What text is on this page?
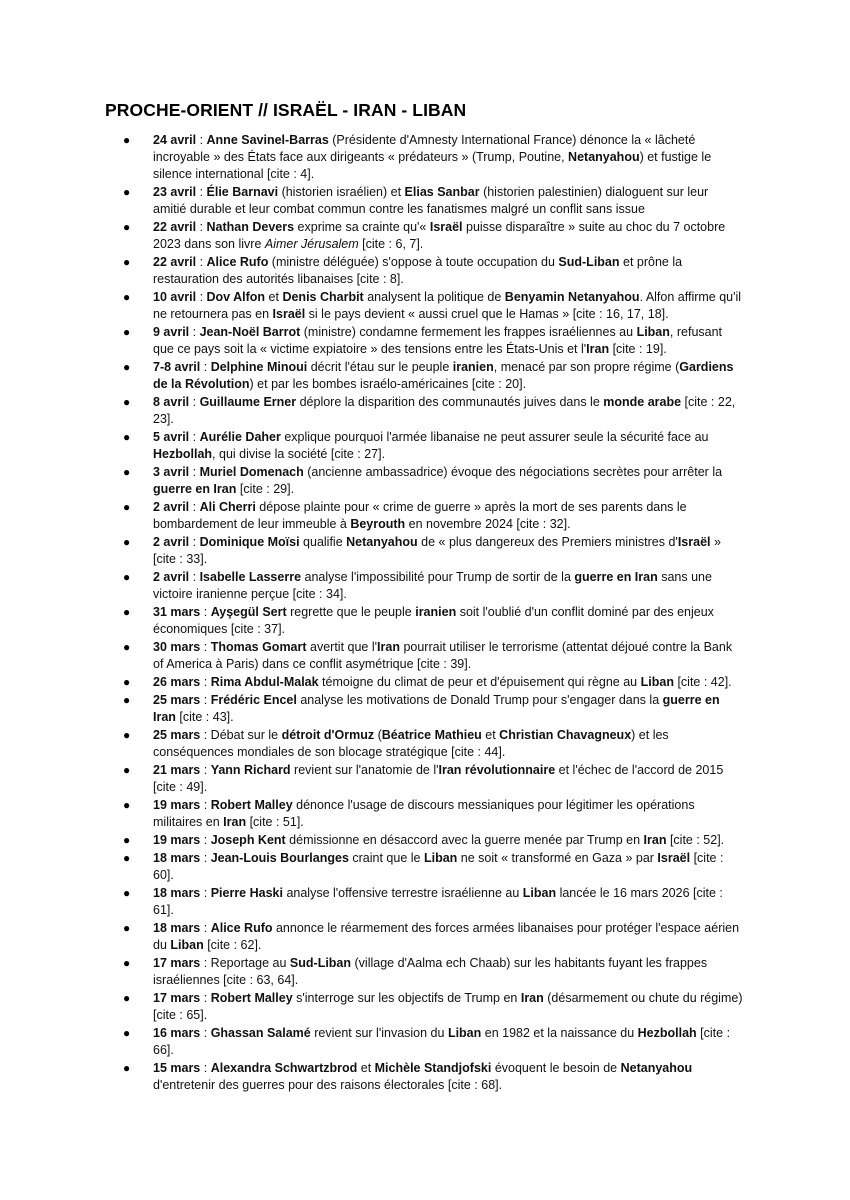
PROCHE-ORIENT // ISRAËL - IRAN - LIBAN
● 24 avril : Anne Savinel-Barras (Présidente d'Amnesty International France) dénonce la « lâcheté incroyable » des États face aux dirigeants « prédateurs » (Trump, Poutine, Netanyahou) et fustige le silence international [cite : 4].
● 23 avril : Élie Barnavi (historien israélien) et Elias Sanbar (historien palestinien) dialoguent sur leur amitié durable et leur combat commun contre les fanatismes malgré un conflit sans issue
● 22 avril : Nathan Devers exprime sa crainte qu'« Israël puisse disparaître » suite au choc du 7 octobre 2023 dans son livre Aimer Jérusalem [cite : 6, 7].
● 22 avril : Alice Rufo (ministre déléguée) s'oppose à toute occupation du Sud-Liban et prône la restauration des autorités libanaises [cite : 8].
● 10 avril : Dov Alfon et Denis Charbit analysent la politique de Benyamin Netanyahou. Alfon affirme qu'il ne retournera pas en Israël si le pays devient « aussi cruel que le Hamas » [cite : 16, 17, 18].
● 9 avril : Jean-Noël Barrot (ministre) condamne fermement les frappes israéliennes au Liban, refusant que ce pays soit la « victime expiatoire » des tensions entre les États-Unis et l'Iran [cite : 19].
● 7-8 avril : Delphine Minoui décrit l'étau sur le peuple iranien, menacé par son propre régime (Gardiens de la Révolution) et par les bombes israélo-américaines [cite : 20].
● 8 avril : Guillaume Erner déplore la disparition des communautés juives dans le monde arabe [cite : 22, 23].
● 5 avril : Aurélie Daher explique pourquoi l'armée libanaise ne peut assurer seule la sécurité face au Hezbollah, qui divise la société [cite : 27].
● 3 avril : Muriel Domenach (ancienne ambassadrice) évoque des négociations secrètes pour arrêter la guerre en Iran [cite : 29].
● 2 avril : Ali Cherri dépose plainte pour « crime de guerre » après la mort de ses parents dans le bombardement de leur immeuble à Beyrouth en novembre 2024 [cite : 32].
● 2 avril : Dominique Moïsi qualifie Netanyahou de « plus dangereux des Premiers ministres d'Israël » [cite : 33].
● 2 avril : Isabelle Lasserre analyse l'impossibilité pour Trump de sortir de la guerre en Iran sans une victoire iranienne perçue [cite : 34].
● 31 mars : Ayşegül Sert regrette que le peuple iranien soit l'oublié d'un conflit dominé par des enjeux économiques [cite : 37].
● 30 mars : Thomas Gomart avertit que l'Iran pourrait utiliser le terrorisme (attentat déjoué contre la Bank of America à Paris) dans ce conflit asymétrique [cite : 39].
● 26 mars : Rima Abdul-Malak témoigne du climat de peur et d'épuisement qui règne au Liban [cite : 42].
● 25 mars : Frédéric Encel analyse les motivations de Donald Trump pour s'engager dans la guerre en Iran [cite : 43].
● 25 mars : Débat sur le détroit d'Ormuz (Béatrice Mathieu et Christian Chavagneux) et les conséquences mondiales de son blocage stratégique [cite : 44].
● 21 mars : Yann Richard revient sur l'anatomie de l'Iran révolutionnaire et l'échec de l'accord de 2015 [cite : 49].
● 19 mars : Robert Malley dénonce l'usage de discours messianiques pour légitimer les opérations militaires en Iran [cite : 51].
● 19 mars : Joseph Kent démissionne en désaccord avec la guerre menée par Trump en Iran [cite : 52].
● 18 mars : Jean-Louis Bourlanges craint que le Liban ne soit « transformé en Gaza » par Israël [cite : 60].
● 18 mars : Pierre Haski analyse l'offensive terrestre israélienne au Liban lancée le 16 mars 2026 [cite : 61].
● 18 mars : Alice Rufo annonce le réarmement des forces armées libanaises pour protéger l'espace aérien du Liban [cite : 62].
● 17 mars : Reportage au Sud-Liban (village d'Aalma ech Chaab) sur les habitants fuyant les frappes israéliennes [cite : 63, 64].
● 17 mars : Robert Malley s'interroge sur les objectifs de Trump en Iran (désarmement ou chute du régime) [cite : 65].
● 16 mars : Ghassan Salamé revient sur l'invasion du Liban en 1982 et la naissance du Hezbollah [cite : 66].
● 15 mars : Alexandra Schwartzbrod et Michèle Standjofski évoquent le besoin de Netanyahou d'entretenir des guerres pour des raisons électorales [cite : 68].
